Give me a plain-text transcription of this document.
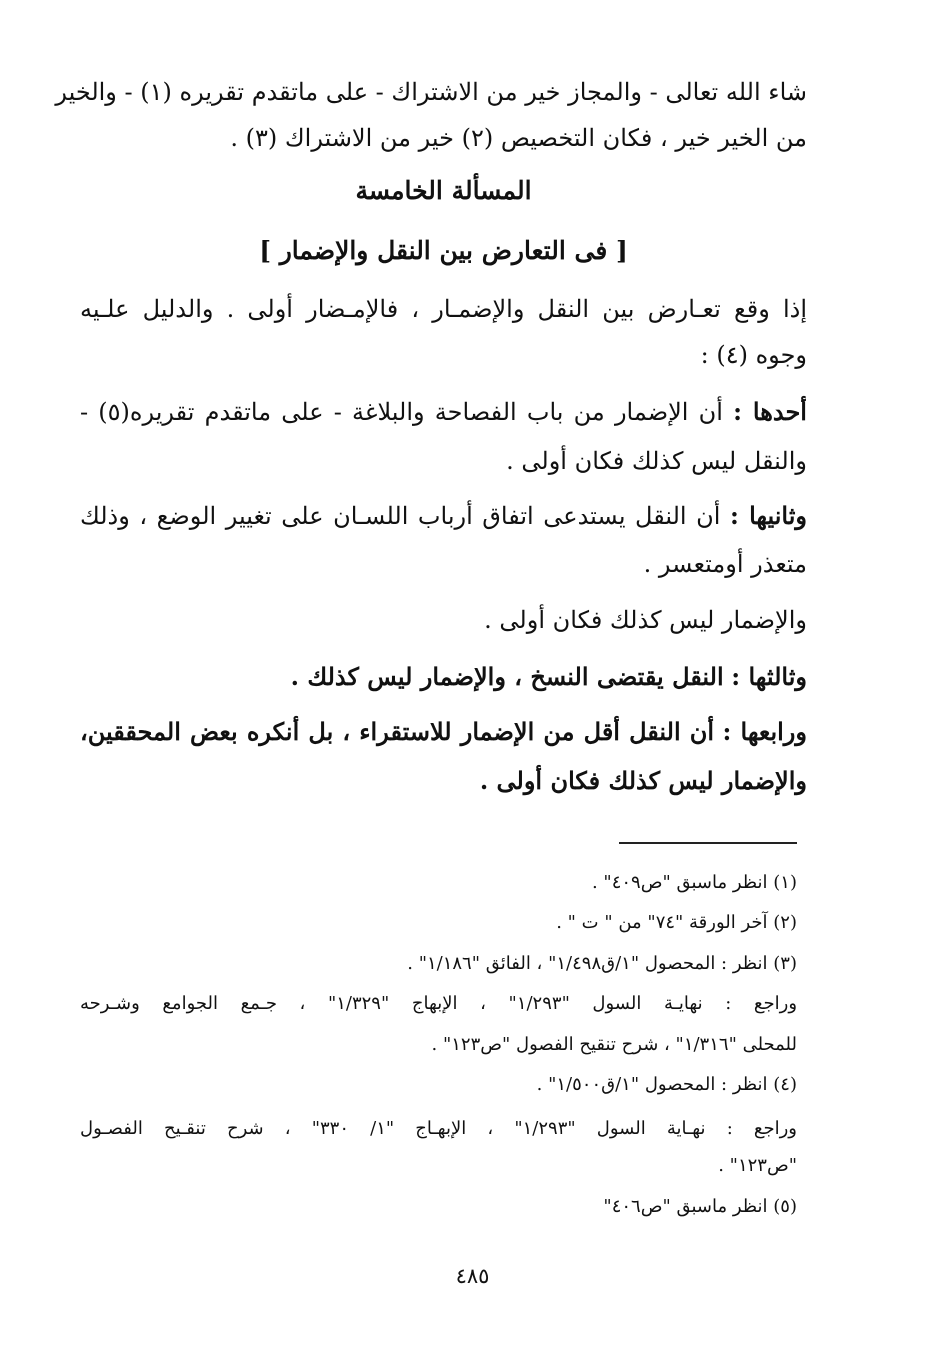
شاء الله تعالى - والمجاز خير من الاشتراك - على ماتقدم تقريره (١) - والخير
من الخير خير ، فكان التخصيص (٢) خير من الاشتراك (٣) .
المسألة الخامسة
[ فى التعارض بين النقل والإضمار ]
إذا وقع تعـارض بين النقل والإضمـار ، فالإمـضار أولى . والدليل علـيه
وجوه (٤) :
أحدها : أن الإضمار من باب الفصاحة والبلاغة - على ماتقدم تقريره(٥) -
والنقل ليس كذلك فكان أولى .
وثانيها : أن النقل يستدعى اتفاق أرباب اللسـان على تغيير الوضع ، وذلك
متعذر أومتعسر .
والإضمار ليس كذلك فكان أولى .
وثالثها : النقل يقتضى النسخ ، والإضمار ليس كذلك .
ورابعها : أن النقل أقل من الإضمار للاستقراء ، بل أنكره بعض المحققين،
والإضمار ليس كذلك فكان أولى .
(١) انظر ماسبق "ص٤٠٩" .
(٢) آخر الورقة "٧٤" من " ت " .
(٣) انظر : المحصول "١/ق١/٤٩٨" ، الفائق "١/١٨٦" .
وراجع : نهايـة السول "١/٢٩٣" ، الإبهاج "١/٣٢٩" ، جـمع الجوامع وشـرحه
للمحلى "١/٣١٦" ، شرح تنقيح الفصول "ص١٢٣" .
(٤) انظر : المحصول "١/ق١/٥٠٠" .
وراجع : نهـاية السول "١/٢٩٣" ، الإبهـاج "١/ ٣٣٠" ، شرح تنقـيح الفصـول
"ص١٢٣" .
(٥) انظر ماسبق "ص٤٠٦"
٤٨٥
